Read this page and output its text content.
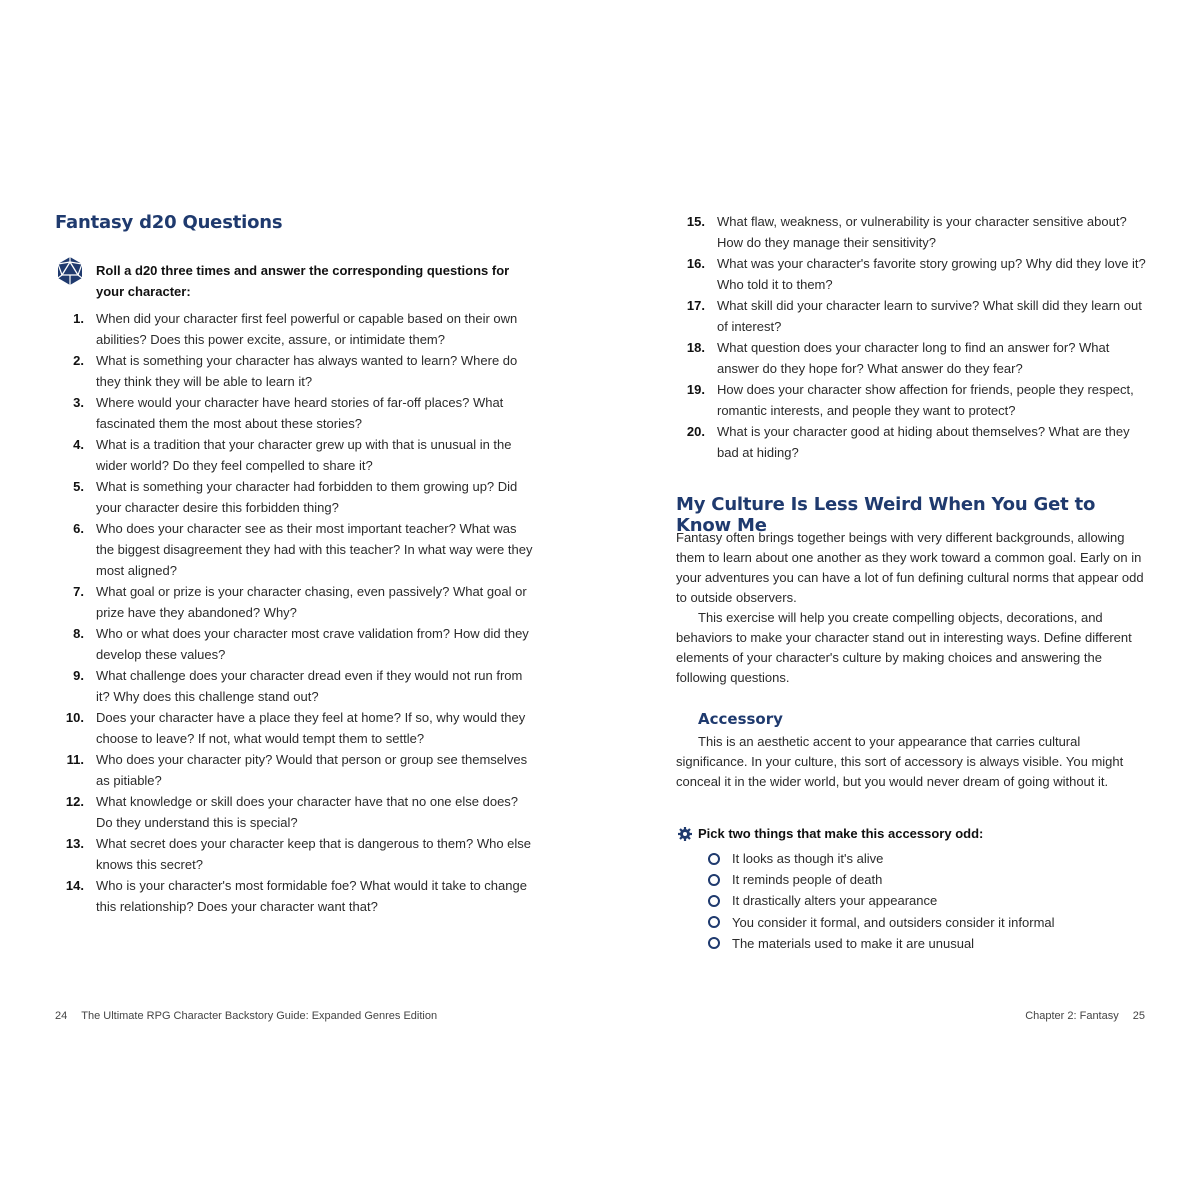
Fantasy d20 Questions
Roll a d20 three times and answer the corresponding questions for your character:
1. When did your character first feel powerful or capable based on their own abilities? Does this power excite, assure, or intimidate them?
2. What is something your character has always wanted to learn? Where do they think they will be able to learn it?
3. Where would your character have heard stories of far-off places? What fascinated them the most about these stories?
4. What is a tradition that your character grew up with that is unusual in the wider world? Do they feel compelled to share it?
5. What is something your character had forbidden to them growing up? Did your character desire this forbidden thing?
6. Who does your character see as their most important teacher? What was the biggest disagreement they had with this teacher? In what way were they most aligned?
7. What goal or prize is your character chasing, even passively? What goal or prize have they abandoned? Why?
8. Who or what does your character most crave validation from? How did they develop these values?
9. What challenge does your character dread even if they would not run from it? Why does this challenge stand out?
10. Does your character have a place they feel at home? If so, why would they choose to leave? If not, what would tempt them to settle?
11. Who does your character pity? Would that person or group see themselves as pitiable?
12. What knowledge or skill does your character have that no one else does? Do they understand this is special?
13. What secret does your character keep that is dangerous to them? Who else knows this secret?
14. Who is your character's most formidable foe? What would it take to change this relationship? Does your character want that?
24 The Ultimate RPG Character Backstory Guide: Expanded Genres Edition
15. What flaw, weakness, or vulnerability is your character sensitive about? How do they manage their sensitivity?
16. What was your character's favorite story growing up? Why did they love it? Who told it to them?
17. What skill did your character learn to survive? What skill did they learn out of interest?
18. What question does your character long to find an answer for? What answer do they hope for? What answer do they fear?
19. How does your character show affection for friends, people they respect, romantic interests, and people they want to protect?
20. What is your character good at hiding about themselves? What are they bad at hiding?
My Culture Is Less Weird When You Get to Know Me

Fantasy often brings together beings with very different backgrounds, allowing them to learn about one another as they work toward a common goal. Early on in your adventures you can have a lot of fun defining cultural norms that appear odd to outside observers.

This exercise will help you create compelling objects, decorations, and behaviors to make your character stand out in interesting ways. Define different elements of your character's culture by making choices and answering the following questions.

Accessory

This is an aesthetic accent to your appearance that carries cultural significance. In your culture, this sort of accessory is always visible. You might conceal it in the wider world, but you would never dream of going without it.

Pick two things that make this accessory odd:
It looks as though it's alive
It reminds people of death
It drastically alters your appearance
You consider it formal, and outsiders consider it informal
The materials used to make it are unusual
Chapter 2: Fantasy 25
